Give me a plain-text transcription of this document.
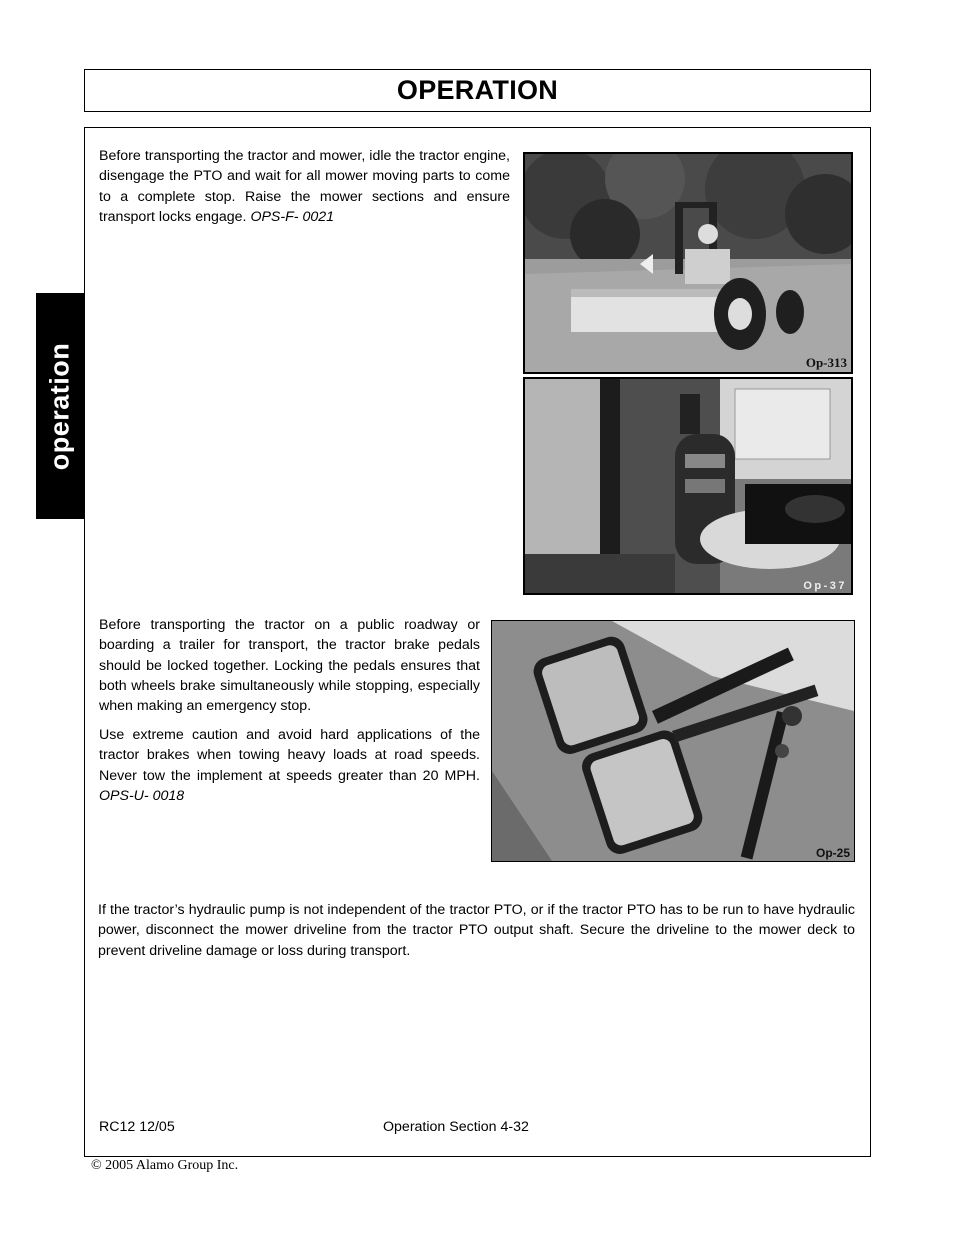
OPERATION
operation

Before transporting the tractor and mower, idle the tractor engine, disengage the PTO and wait for all mower moving parts to come to a complete stop. Raise the mower sections and ensure transport locks engage. OPS-F- 0021

Op-313
Op-37

Before transporting the tractor on a public roadway or boarding a trailer for transport, the tractor brake pedals should be locked together. Locking the pedals ensures that both wheels brake simultaneously while stopping, especially when making an emergency stop.

Use extreme caution and avoid hard applications of the tractor brakes when towing heavy loads at road speeds. Never tow the implement at speeds greater than 20 MPH. OPS-U- 0018

Op-25

If the tractor’s hydraulic pump is not independent of the tractor PTO, or if the tractor PTO has to be run to have hydraulic power, disconnect the mower driveline from the tractor PTO output shaft. Secure the driveline to the mower deck to prevent driveline damage or loss during transport.

RC12 12/05	Operation Section 4-32
© 2005 Alamo Group Inc.
